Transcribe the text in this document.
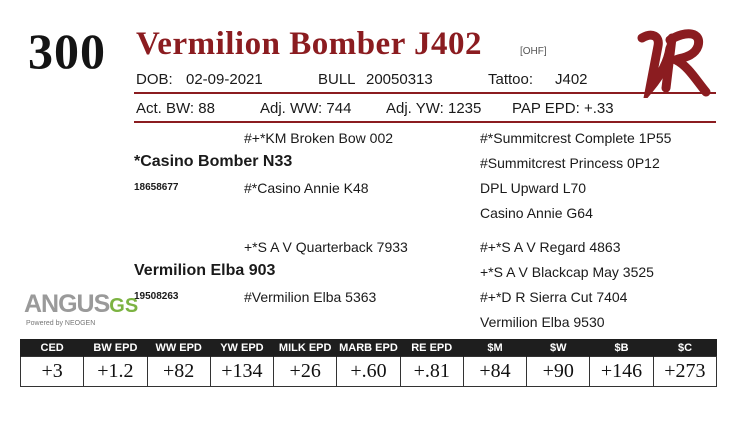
300 Vermilion Bomber J402	[OHF]
DOB: 02-09-2021	BULL 20050313	Tattoo: J402
Act. BW: 88	Adj. WW: 744 Adj. YW: 1235 PAP EPD: +.33
#+*KM Broken Bow 002	#*Summitcrest Complete 1P55
*Casino Bomber N33	#Summitcrest Princess 0P12
18658677	#*Casino Annie K48	DPL Upward L70
Casino Annie G64
+*S A V Quarterback 7933	#+*S A V Regard 4863
Vermilion Elba 903	+*S A V Blackcap May 3525
19508263	#Vermilion Elba 5363	#+*D R Sierra Cut 7404
Vermilion Elba 9530
ANGUSGS
Powered by NEOGEN
CED	BW EPD	WW EPD	YW EPD	MILK EPD	MARB EPD	RE EPD	$M	$W	$B	$C
+3	+1.2	+82	+134	+26	+.60	+.81	+84	+90	+146	+273
